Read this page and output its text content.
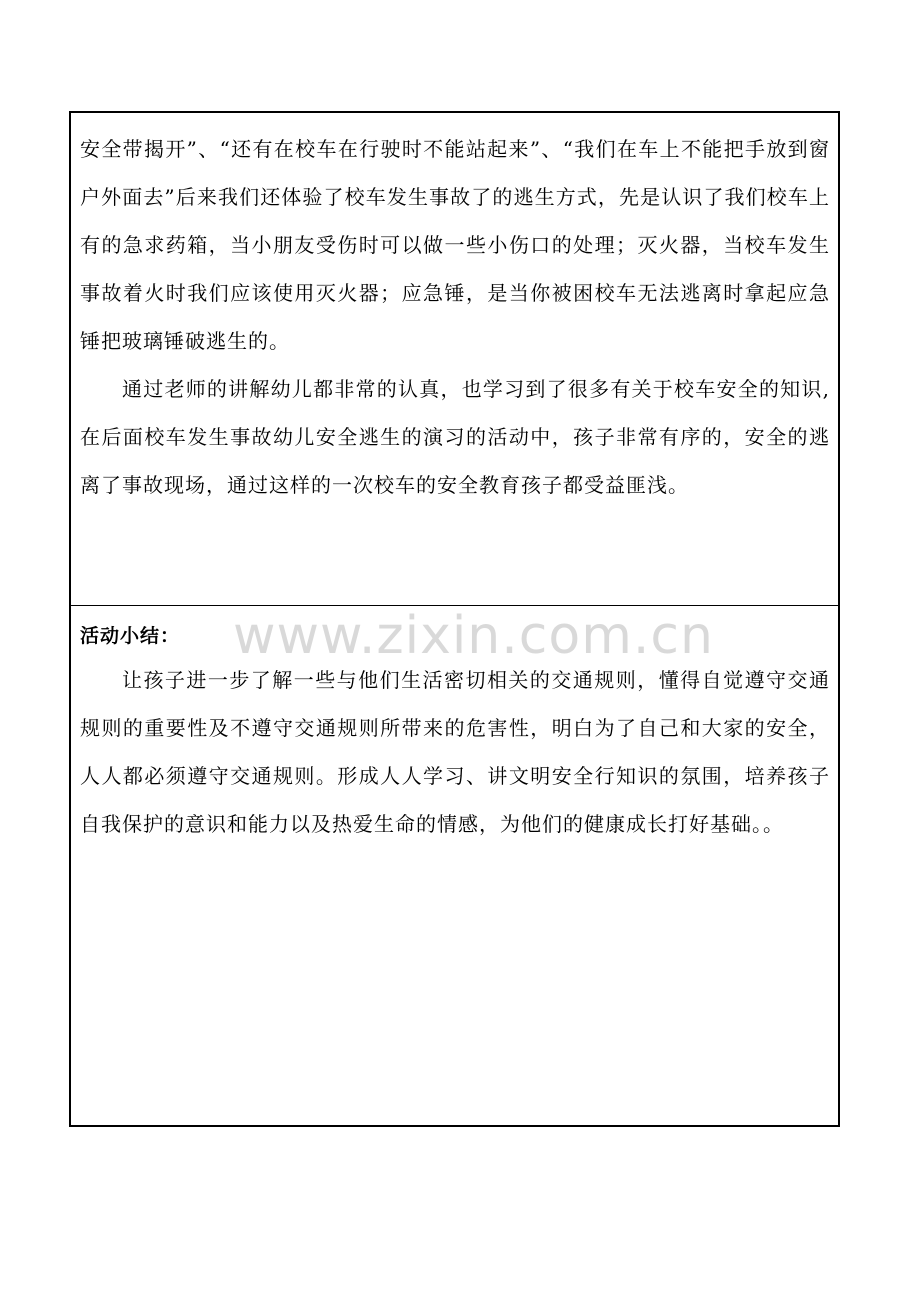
安全带揭开”、“还有在校车在行驶时不能站起来”、“我们在车上不能把手放到窗户外面去”后来我们还体验了校车发生事故了的逃生方式，先是认识了我们校车上有的急求药箱，当小朋友受伤时可以做一些小伤口的处理；灭火器，当校车发生事故着火时我们应该使用灭火器；应急锤，是当你被困校车无法逃离时拿起应急锤把玻璃锤破逃生的。

通过老师的讲解幼儿都非常的认真，也学习到了很多有关于校车安全的知识,在后面校车发生事故幼儿安全逃生的演习的活动中，孩子非常有序的，安全的逃离了事故现场，通过这样的一次校车的安全教育孩子都受益匪浅。

活动小结：

让孩子进一步了解一些与他们生活密切相关的交通规则，懂得自觉遵守交通规则的重要性及不遵守交通规则所带来的危害性，明白为了自己和大家的安全，人人都必须遵守交通规则。形成人人学习、讲文明安全行知识的氛围，培养孩子自我保护的意识和能力以及热爱生命的情感，为他们的健康成长打好基础。。

www.zixin.com.cn
